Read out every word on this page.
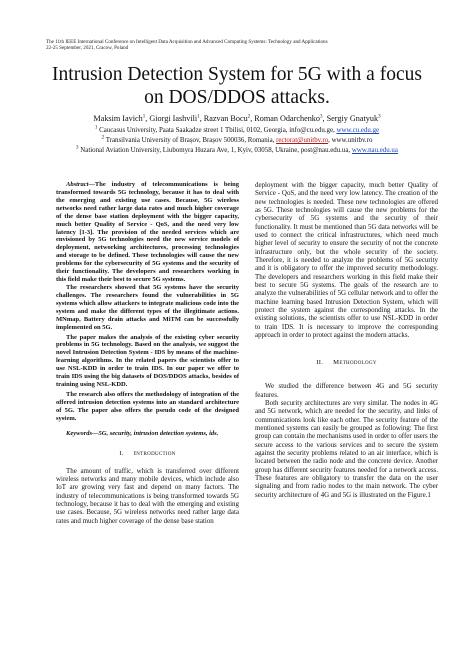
The 11th IEEE International Conference on Intelligent Data Acquisition and Advanced Computing Systems: Technology and Applications
22-25 September, 2021, Cracow, Poland
Intrusion Detection System for 5G with a focus
on DOS/DDOS attacks.
Maksim Iavich$^1$, Giorgi Iashvili$^1$, Razvan Bocu$^2$, Roman Odarchenko$^3$, Sergiy Gnatyuk$^3$
$^1$ Caucasus University, Paata Saakadze street 1 Tbilisi, 0102, Georgia, info@cu.edu.ge, www.cu.edu.ge
$^2$ Transilvania University of Brașov, Brașov 500036, Romania, rectorat@unitbv.ro, www.unitbv.ro
$^3$ National Aviation University, Liubomyra Huzara Ave, 1, Kyiv, 03058, Ukraine, post@nau.edu.ua, www.nau.edu.ua

Abstract—The industry of telecommunications is being transformed towards 5G technology, because it has to deal with the emerging and existing use cases. Because, 5G wireless networks need rather large data rates and much higher coverage of the dense base station deployment with the bigger capacity, much better Quality of Service - QoS, and the need very low latency [1-3]. The provision of the needed services which are envisioned by 5G technologies need the new service models of deployment, networking architectures, processing technologies and storage to be defined. These technologies will cause the new problems for the cybersecurity of 5G systems and the security of their functionality. The developers and researchers working in this field make their best to secure 5G systems.

The researchers showed that 5G systems have the security challenges. The researchers found the vulnerabilities in 5G systems which allow attackers to integrate malicious code into the system and make the different types of the illegitimate actions. MNmap, Battery drain attacks and MiTM can be successfully implemented on 5G.

The paper makes the analysis of the existing cyber security problems in 5G technology. Based on the analysis, we suggest the novel Intrusion Detection System - IDS by means of the machine-learning algorithms. In the related papers the scientists offer to use NSL-KDD in order to train IDS. In our paper we offer to train IDS using the big datasets of DOS/DDOS attacks, besides of training using NSL-KDD.

The research also offers the methodology of integration of the offered intrusion detection systems into an standard architecture of 5G. The paper also offers the pseudo code of the designed system.

Keywords—5G, security, intrusion detection systems, ids.

I. Introduction

The amount of traffic, which is transferred over different wireless networks and many mobile devices, which include also IoT are growing very fast and depend on many factors. The industry of telecommunications is being transformed towards 5G technology, because it has to deal with the emerging and existing use cases. Because, 5G wireless networks need rather large data rates and much higher coverage of the dense base station

deployment with the bigger capacity, much better Quality of Service - QoS, and the need very low latency. The creation of the new technologies is needed. These new technologies are offered as 5G. These technologies will cause the new problems for the cybersecurity of 5G systems and the security of their functionality. It must be mentioned than 5G data networks will be used to connect the critical infrastructures, which need much higher level of security to ensure the security of not the concrete infrastructure only, but the whole security of the society. Therefore, it is needed to analyze the problems of 5G security and it is obligatory to offer the improved security methodology. The developers and researchers working in this field make their best to secure 5G systems. The goals of the research are to analyze the vulnerabilities of 5G cellular network and to offer the machine learning based Intrusion Detection System, which will protect the system against the corresponding attacks. In the existing solutions, the scientists offer to use NSL-KDD in order to train IDS. It is necessary to improve the corresponding approach in order to protect against the modern attacks.

II. Methodology

We studied the difference between 4G and 5G security features.

Both security architectures are very similar. The nodes in 4G and 5G network, which are needed for the security, and links of communications look like each other. The security feature of the mentioned systems can easily be grouped as following: The first group can contain the mechanisms used in order to offer users the secure access to the various services and to secure the system against the security problems related to an air interface, which is located between the radio node and the concrete device. Another group has different security features needed for a network access. These features are obligatory to transfer the data on the user signaling and from radio nodes to the main network. The cyber security architecture of 4G and 5G is illustrated on the Figure.1
